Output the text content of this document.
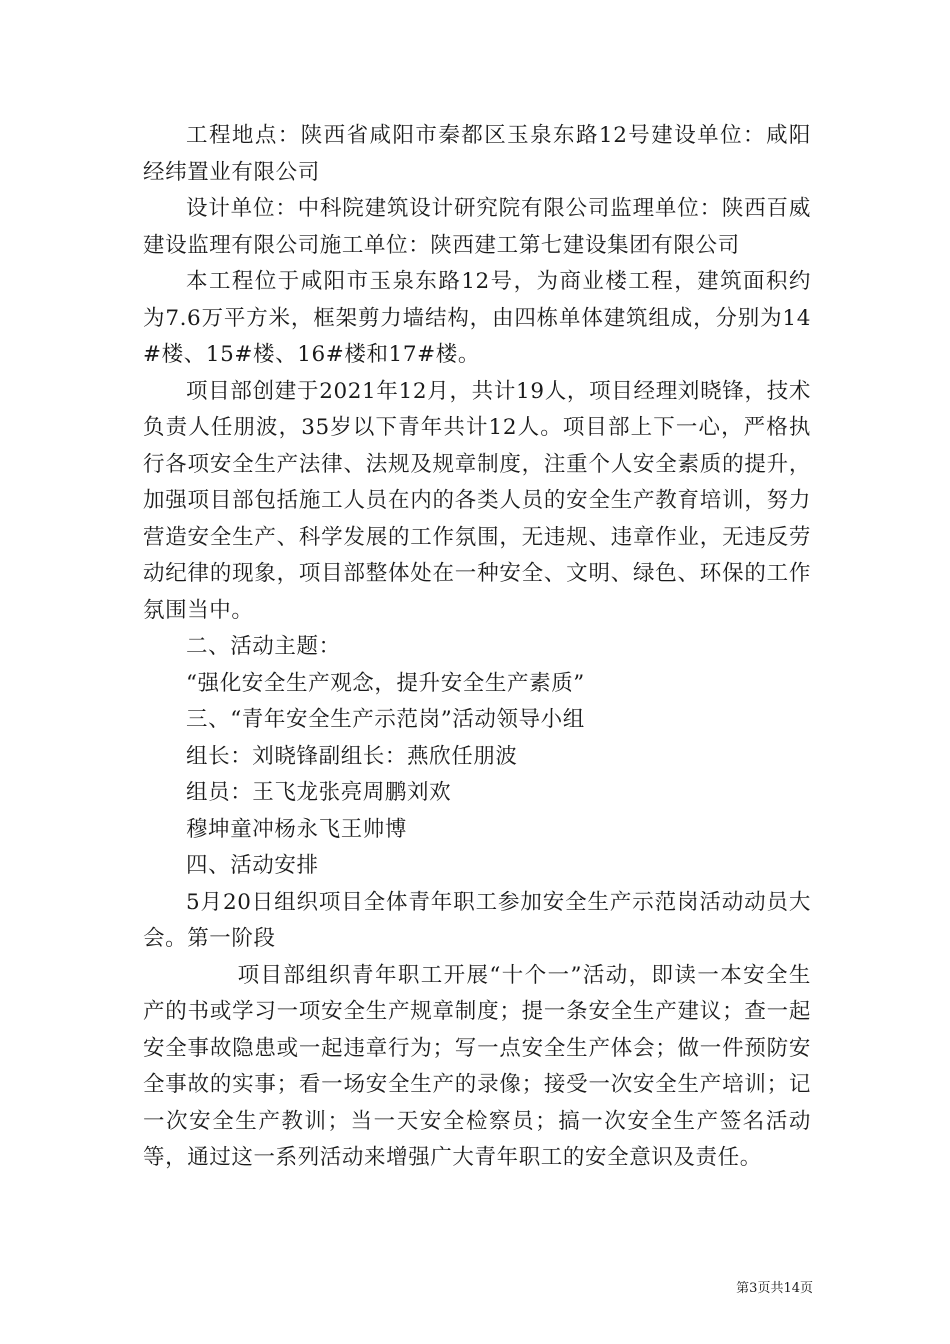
工程地点：陕西省咸阳市秦都区玉泉东路12号建设单位：咸阳经纬置业有限公司

设计单位：中科院建筑设计研究院有限公司监理单位：陕西百威建设监理有限公司施工单位：陕西建工第七建设集团有限公司

本工程位于咸阳市玉泉东路12号，为商业楼工程，建筑面积约为7.6万平方米，框架剪力墙结构，由四栋单体建筑组成，分别为14#楼、15#楼、16#楼和17#楼。

项目部创建于2021年12月，共计19人，项目经理刘晓锋，技术负责人任朋波，35岁以下青年共计12人。项目部上下一心，严格执行各项安全生产法律、法规及规章制度，注重个人安全素质的提升，加强项目部包括施工人员在内的各类人员的安全生产教育培训，努力营造安全生产、科学发展的工作氛围，无违规、违章作业，无违反劳动纪律的现象，项目部整体处在一种安全、文明、绿色、环保的工作氛围当中。

二、活动主题：

“强化安全生产观念，提升安全生产素质”

三、“青年安全生产示范岗”活动领导小组

组长：刘晓锋副组长：燕欣任朋波

组员：王飞龙张亮周鹏刘欢

穆坤童冲杨永飞王帅博

四、活动安排

5月20日组织项目全体青年职工参加安全生产示范岗活动动员大会。第一阶段

项目部组织青年职工开展“十个一”活动，即读一本安全生产的书或学习一项安全生产规章制度；提一条安全生产建议；查一起安全事故隐患或一起违章行为；写一点安全生产体会；做一件预防安全事故的实事；看一场安全生产的录像；接受一次安全生产培训；记一次安全生产教训；当一天安全检察员；搞一次安全生产签名活动等，通过这一系列活动来增强广大青年职工的安全意识及责任。

第3页共14页
